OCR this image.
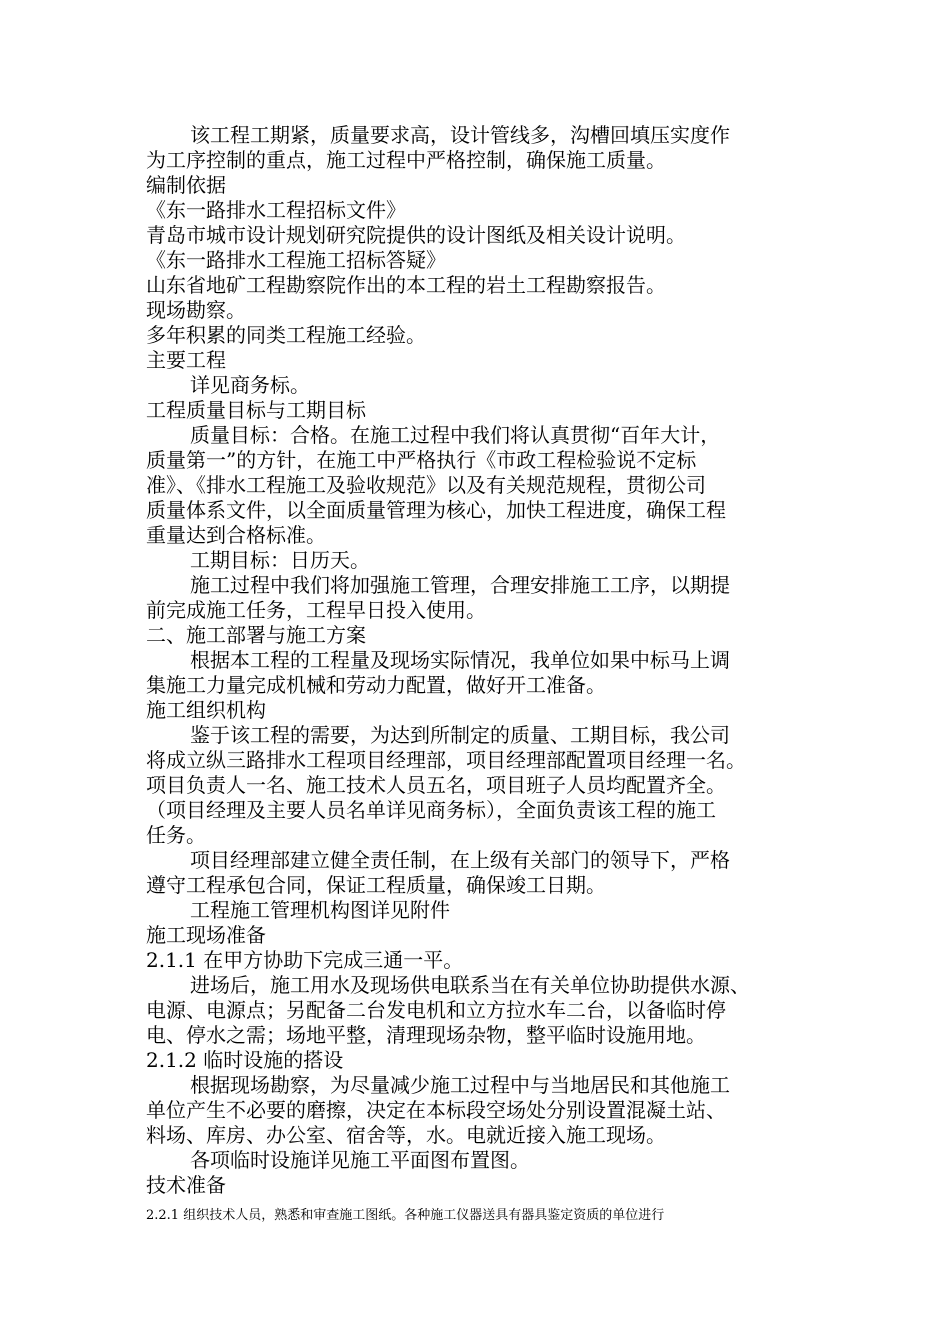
该工程工期紧，质量要求高，设计管线多，沟槽回填压实度作
为工序控制的重点，施工过程中严格控制，确保施工质量。
编制依据
《东一路排水工程招标文件》
青岛市城市设计规划研究院提供的设计图纸及相关设计说明。
《东一路排水工程施工招标答疑》
山东省地矿工程勘察院作出的本工程的岩土工程勘察报告。
现场勘察。
多年积累的同类工程施工经验。
主要工程
详见商务标。
工程质量目标与工期目标
质量目标：合格。在施工过程中我们将认真贯彻“百年大计，
质量第一”的方针，在施工中严格执行《市政工程检验说不定标
准》、《排水工程施工及验收规范》以及有关规范规程，贯彻公司
质量体系文件，以全面质量管理为核心，加快工程进度，确保工程
重量达到合格标准。
工期目标：日历天。
施工过程中我们将加强施工管理，合理安排施工工序，以期提
前完成施工任务，工程早日投入使用。
二、施工部署与施工方案
根据本工程的工程量及现场实际情况，我单位如果中标马上调
集施工力量完成机械和劳动力配置，做好开工准备。
施工组织机构
鉴于该工程的需要，为达到所制定的质量、工期目标，我公司
将成立纵三路排水工程项目经理部，项目经理部配置项目经理一名。
项目负责人一名、施工技术人员五名，项目班子人员均配置齐全。
（项目经理及主要人员名单详见商务标），全面负责该工程的施工
任务。
项目经理部建立健全责任制，在上级有关部门的领导下，严格
遵守工程承包合同，保证工程质量，确保竣工日期。
工程施工管理机构图详见附件
施工现场准备
2.1.1 在甲方协助下完成三通一平。
进场后，施工用水及现场供电联系当在有关单位协助提供水源、
电源、电源点；另配备二台发电机和立方拉水车二台，以备临时停
电、停水之需；场地平整，清理现场杂物，整平临时设施用地。
2.1.2 临时设施的搭设
根据现场勘察，为尽量减少施工过程中与当地居民和其他施工
单位产生不必要的磨擦，决定在本标段空场处分别设置混凝土站、
料场、库房、办公室、宿舍等，水。电就近接入施工现场。
各项临时设施详见施工平面图布置图。
技术准备
2.2.1 组织技术人员，熟悉和审查施工图纸。各种施工仪器送具有器具鉴定资质的单位进行
